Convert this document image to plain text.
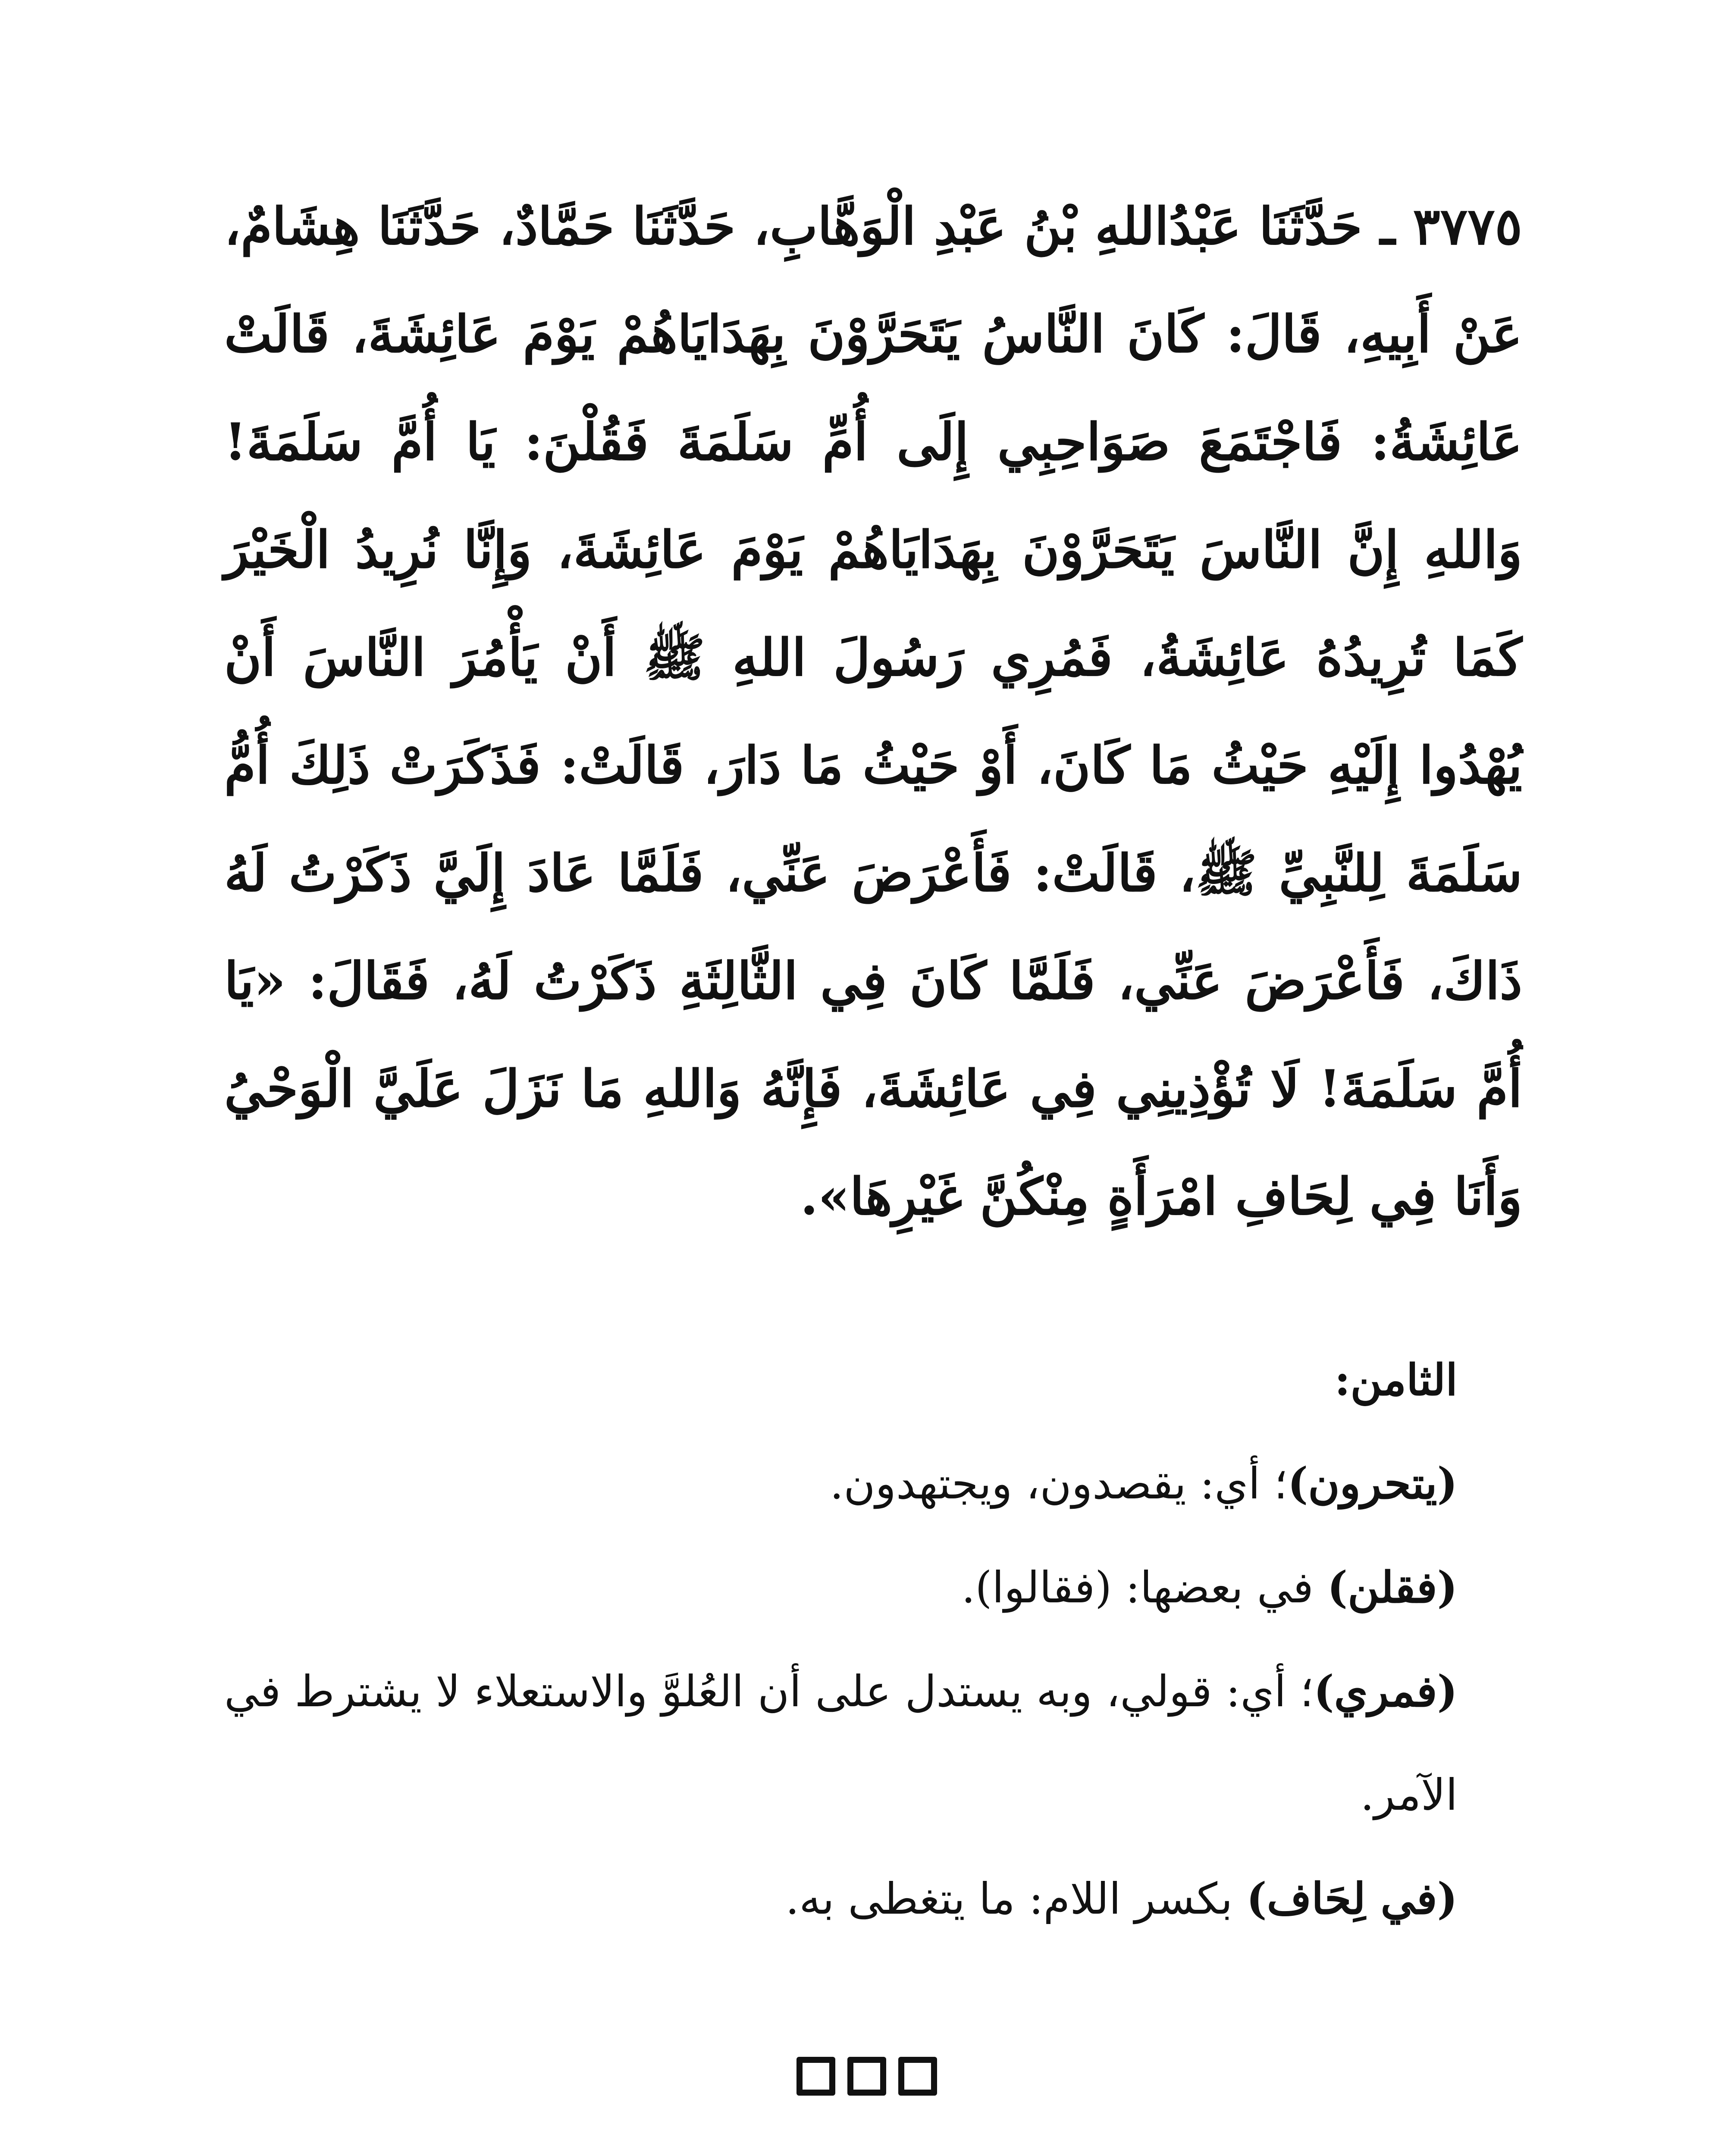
٣٧٧٥ ـ حَدَّثَنَا عَبْدُاللهِ بْنُ عَبْدِ الْوَهَّابِ، حَدَّثَنَا حَمَّادٌ، حَدَّثَنَا هِشَامٌ، عَنْ أَبِيهِ، قَالَ: كَانَ النَّاسُ يَتَحَرَّوْنَ بِهَدَايَاهُمْ يَوْمَ عَائِشَةَ، قَالَتْ عَائِشَةُ: فَاجْتَمَعَ صَوَاحِبِي إِلَى أُمِّ سَلَمَةَ فَقُلْنَ: يَا أُمَّ سَلَمَةَ! وَاللهِ إِنَّ النَّاسَ يَتَحَرَّوْنَ بِهَدَايَاهُمْ يَوْمَ عَائِشَةَ، وَإِنَّا نُرِيدُ الْخَيْرَ كَمَا تُرِيدُهُ عَائِشَةُ، فَمُرِي رَسُولَ اللهِ ﷺ أَنْ يَأْمُرَ النَّاسَ أَنْ يُهْدُوا إِلَيْهِ حَيْثُ مَا كَانَ، أَوْ حَيْثُ مَا دَارَ، قَالَتْ: فَذَكَرَتْ ذَلِكَ أُمُّ سَلَمَةَ لِلنَّبِيِّ ﷺ، قَالَتْ: فَأَعْرَضَ عَنِّي، فَلَمَّا عَادَ إِلَيَّ ذَكَرْتُ لَهُ ذَاكَ، فَأَعْرَضَ عَنِّي، فَلَمَّا كَانَ فِي الثَّالِثَةِ ذَكَرْتُ لَهُ، فَقَالَ: «يَا أُمَّ سَلَمَةَ! لَا تُؤْذِينِي فِي عَائِشَةَ، فَإِنَّهُ وَاللهِ مَا نَزَلَ عَلَيَّ الْوَحْيُ وَأَنَا فِي لِحَافِ امْرَأَةٍ مِنْكُنَّ غَيْرِهَا».

الثامن:

(يتحرون)؛ أي: يقصدون، ويجتهدون.

(فقلن) في بعضها: (فقالوا).

(فمري)؛ أي: قولي، وبه يستدل على أن العُلوَّ والاستعلاء لا يشترط في الآمر.

(في لِحَاف) بكسر اللام: ما يتغطى به.
